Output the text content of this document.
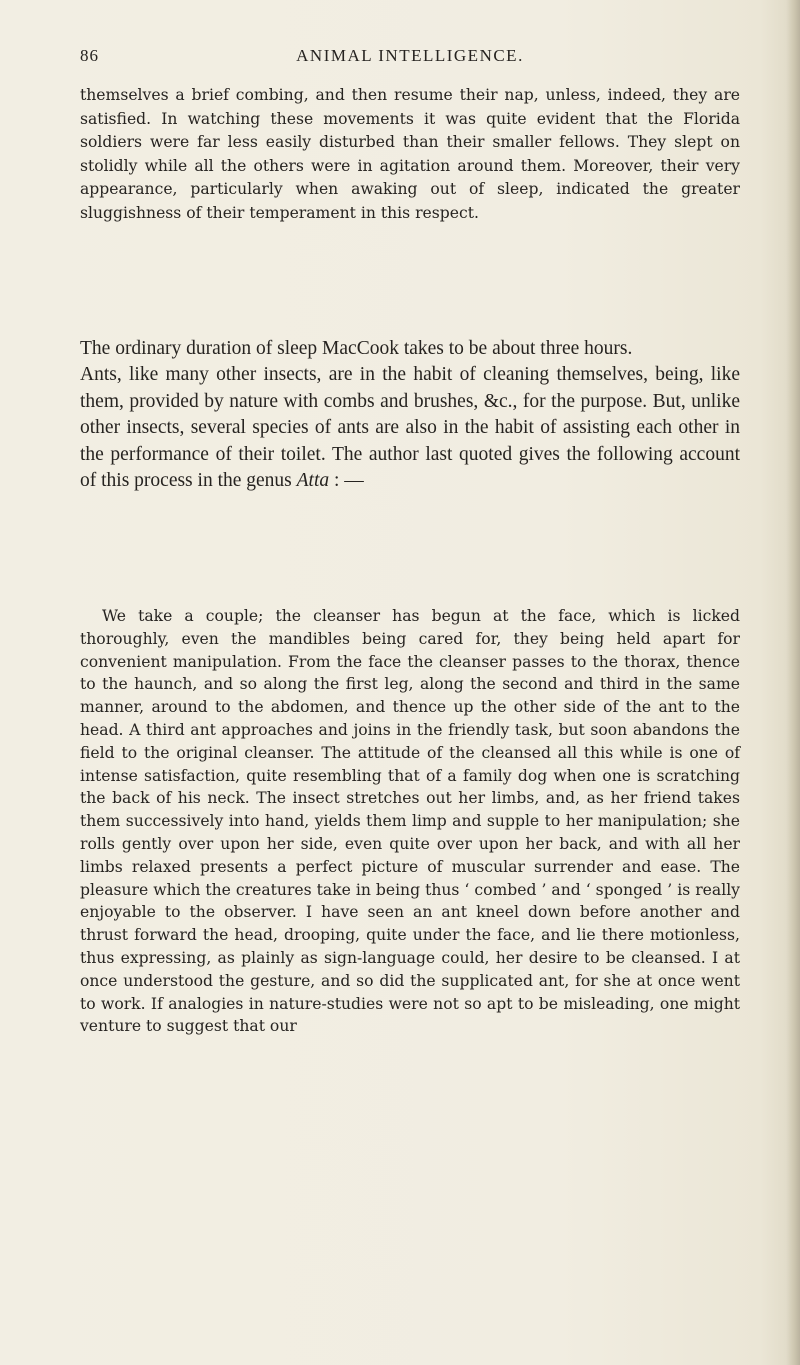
86	ANIMAL INTELLIGENCE.

themselves a brief combing, and then resume their nap, unless, indeed, they are satisfied. In watching these movements it was quite evident that the Florida soldiers were far less easily disturbed than their smaller fellows. They slept on stolidly while all the others were in agitation around them. Moreover, their very appearance, particularly when awaking out of sleep, indicated the greater sluggishness of their temperament in this respect.

The ordinary duration of sleep MacCook takes to be about three hours.

Ants, like many other insects, are in the habit of cleaning themselves, being, like them, provided by nature with combs and brushes, &c., for the purpose. But, unlike other insects, several species of ants are also in the habit of assisting each other in the performance of their toilet. The author last quoted gives the following account of this process in the genus Atta : —

We take a couple; the cleanser has begun at the face, which is licked thoroughly, even the mandibles being cared for, they being held apart for convenient manipulation. From the face the cleanser passes to the thorax, thence to the haunch, and so along the first leg, along the second and third in the same manner, around to the abdomen, and thence up the other side of the ant to the head. A third ant approaches and joins in the friendly task, but soon abandons the field to the original cleanser. The attitude of the cleansed all this while is one of intense satisfaction, quite resembling that of a family dog when one is scratching the back of his neck. The insect stretches out her limbs, and, as her friend takes them successively into hand, yields them limp and supple to her manipulation; she rolls gently over upon her side, even quite over upon her back, and with all her limbs relaxed presents a perfect picture of muscular surrender and ease. The pleasure which the creatures take in being thus ‘ combed ’ and ‘ sponged ’ is really enjoyable to the observer. I have seen an ant kneel down before another and thrust forward the head, drooping, quite under the face, and lie there motionless, thus expressing, as plainly as sign-language could, her desire to be cleansed. I at once understood the gesture, and so did the supplicated ant, for she at once went to work. If analogies in nature-studies were not so apt to be misleading, one might venture to suggest that our
